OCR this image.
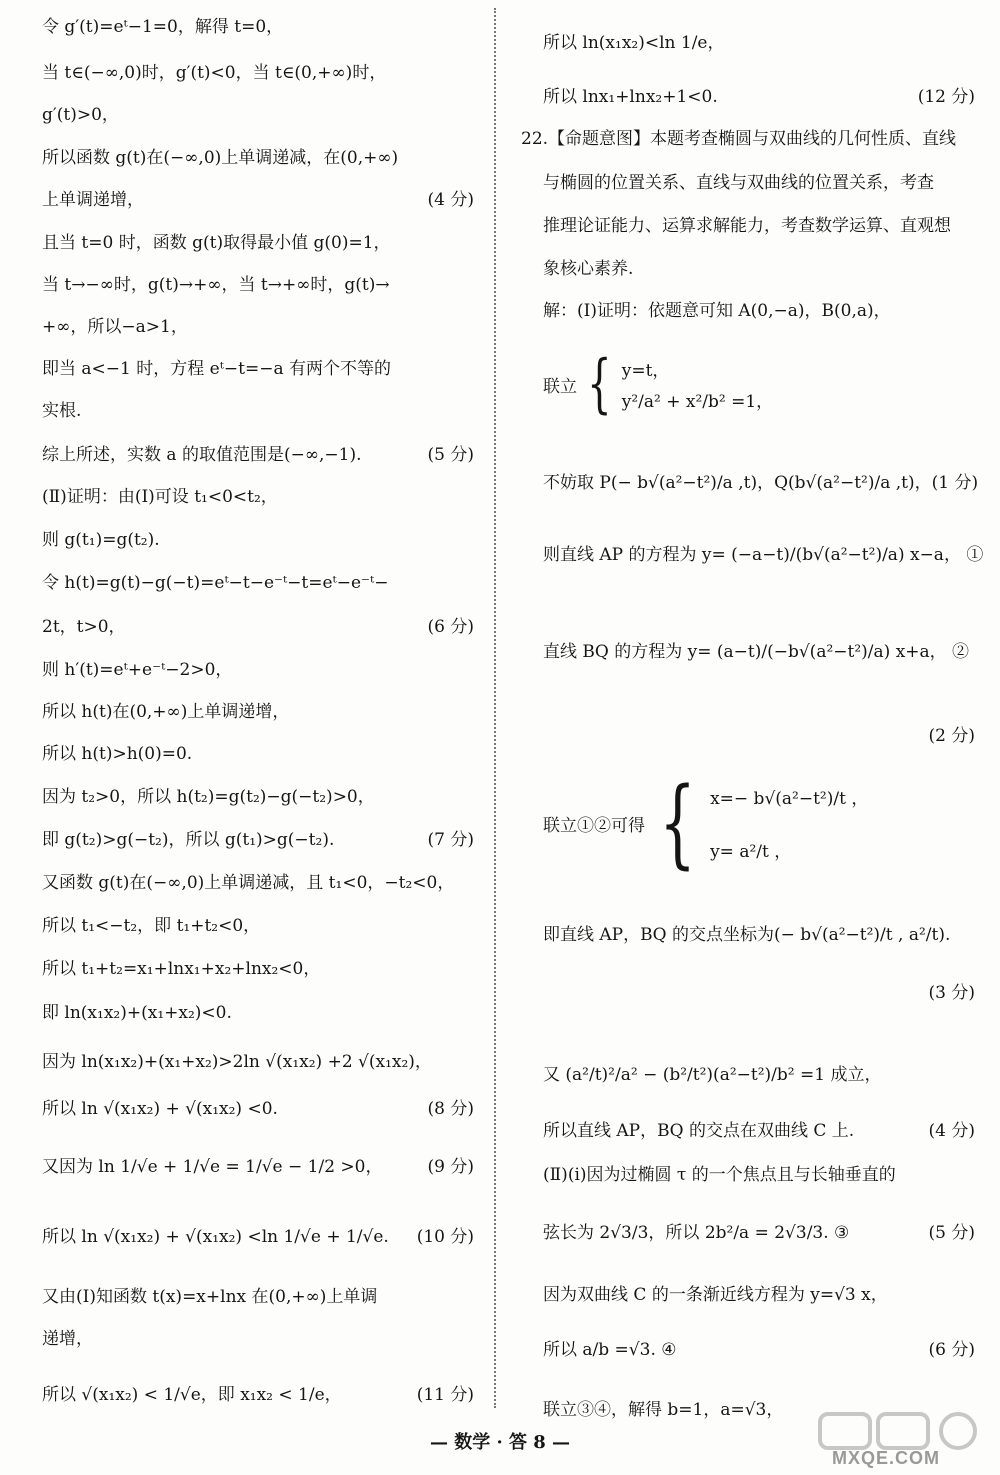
令 g′(t)=eᵗ−1=0，解得 t=0，
当 t∈(−∞,0)时，g′(t)<0，当 t∈(0,+∞)时，
g′(t)>0，
所以函数 g(t)在(−∞,0)上单调递减，在(0,+∞)
上单调递增，	(4 分)
且当 t=0 时，函数 g(t)取得最小值 g(0)=1，
当 t→−∞时，g(t)→+∞，当 t→+∞时，g(t)→
+∞，所以−a>1，
即当 a<−1 时，方程 eᵗ−t=−a 有两个不等的
实根.
综上所述，实数 a 的取值范围是(−∞,−1).	(5 分)
(Ⅱ)证明：由(Ⅰ)可设 t₁<0<t₂，
则 g(t₁)=g(t₂).
令 h(t)=g(t)−g(−t)=eᵗ−t−e⁻ᵗ−t=eᵗ−e⁻ᵗ−
2t，t>0，	(6 分)
则 h′(t)=eᵗ+e⁻ᵗ−2>0，
所以 h(t)在(0,+∞)上单调递增，
所以 h(t)>h(0)=0.
因为 t₂>0，所以 h(t₂)=g(t₂)−g(−t₂)>0，
即 g(t₂)>g(−t₂)，所以 g(t₁)>g(−t₂).	(7 分)
又函数 g(t)在(−∞,0)上单调递减，且 t₁<0，−t₂<0，
所以 t₁<−t₂，即 t₁+t₂<0，
所以 t₁+t₂=x₁+lnx₁+x₂+lnx₂<0，
即 ln(x₁x₂)+(x₁+x₂)<0.
因为 ln(x₁x₂)+(x₁+x₂)>2ln √(x₁x₂) +2 √(x₁x₂)，
所以 ln √(x₁x₂) + √(x₁x₂) <0.	(8 分)
又因为 ln 1/√e + 1/√e = 1/√e − 1/2 >0，	(9 分)
所以 ln √(x₁x₂) + √(x₁x₂) <ln 1/√e + 1/√e. (10 分)
又由(Ⅰ)知函数 t(x)=x+lnx 在(0,+∞)上单调
递增，
所以 √(x₁x₂) < 1/√e，即 x₁x₂ < 1/e，	(11 分)
所以 ln(x₁x₂)<ln 1/e，
所以 lnx₁+lnx₂+1<0.	(12 分)
22.【命题意图】本题考查椭圆与双曲线的几何性质、直线
与椭圆的位置关系、直线与双曲线的位置关系，考查
推理论证能力、运算求解能力，考查数学运算、直观想
象核心素养.
解：(Ⅰ)证明：依题意可知 A(0,−a)，B(0,a)，
联立 { y=t，
y²/a² + x²/b² =1，
不妨取 P(− b√(a²−t²)/a ,t)，Q(b√(a²−t²)/a ,t)， (1 分)
则直线 AP 的方程为 y= (−a−t)/(b√(a²−t²)/a) x−a， ①
直线 BQ 的方程为 y= (a−t)/(−b√(a²−t²)/a) x+a， ②
(2 分)
联立①②可得 { x=− b√(a²−t²)/t ，
y= a²/t ，
即直线 AP，BQ 的交点坐标为(− b√(a²−t²)/t , a²/t).
(3 分)
又 (a²/t)²/a² − (b²/t²)(a²−t²)/b² =1 成立，
所以直线 AP，BQ 的交点在双曲线 C 上.	(4 分)
(Ⅱ)(ⅰ)因为过椭圆 τ 的一个焦点且与长轴垂直的
弦长为 2√3/3，所以 2b²/a = 2√3/3. ③	(5 分)
因为双曲线 C 的一条渐近线方程为 y=√3 x，
所以 a/b =√3. ④	(6 分)
联立③④，解得 b=1，a=√3，
— 数学 · 答 8 —
MXQE.COM
